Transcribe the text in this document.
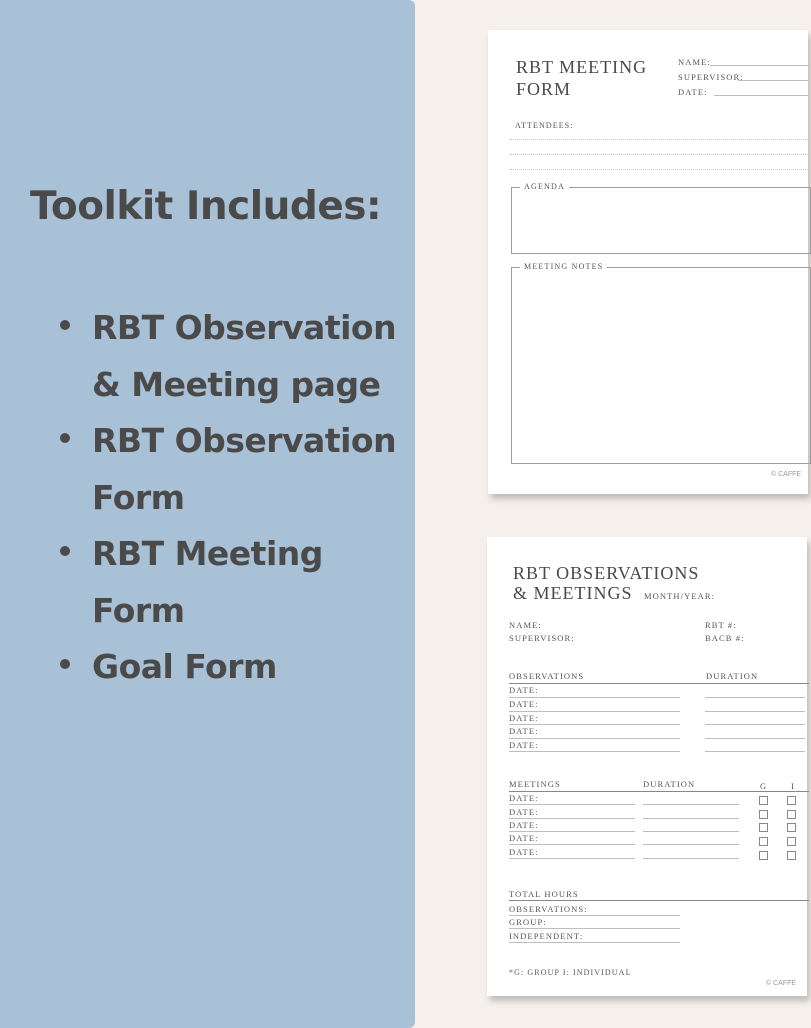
Toolkit Includes:
RBT Observation & Meeting page
RBT Observation Form
RBT Meeting Form
Goal Form
RBT MEETING
FORM
NAME:
SUPERVISOR:
DATE:
ATTENDEES:
AGENDA
MEETING NOTES
© CAFFE
RBT OBSERVATIONS
& MEETINGS MONTH/YEAR:
NAME:
SUPERVISOR:
RBT #:
BACB #:
OBSERVATIONS	DURATION
DATE:
DATE:
DATE:
DATE:
DATE:
MEETINGS	DURATION	G	I
DATE:
DATE:
DATE:
DATE:
DATE:
TOTAL HOURS
OBSERVATIONS:
GROUP:
INDEPENDENT:
*G: GROUP I: INDIVIDUAL
© CAFFE
